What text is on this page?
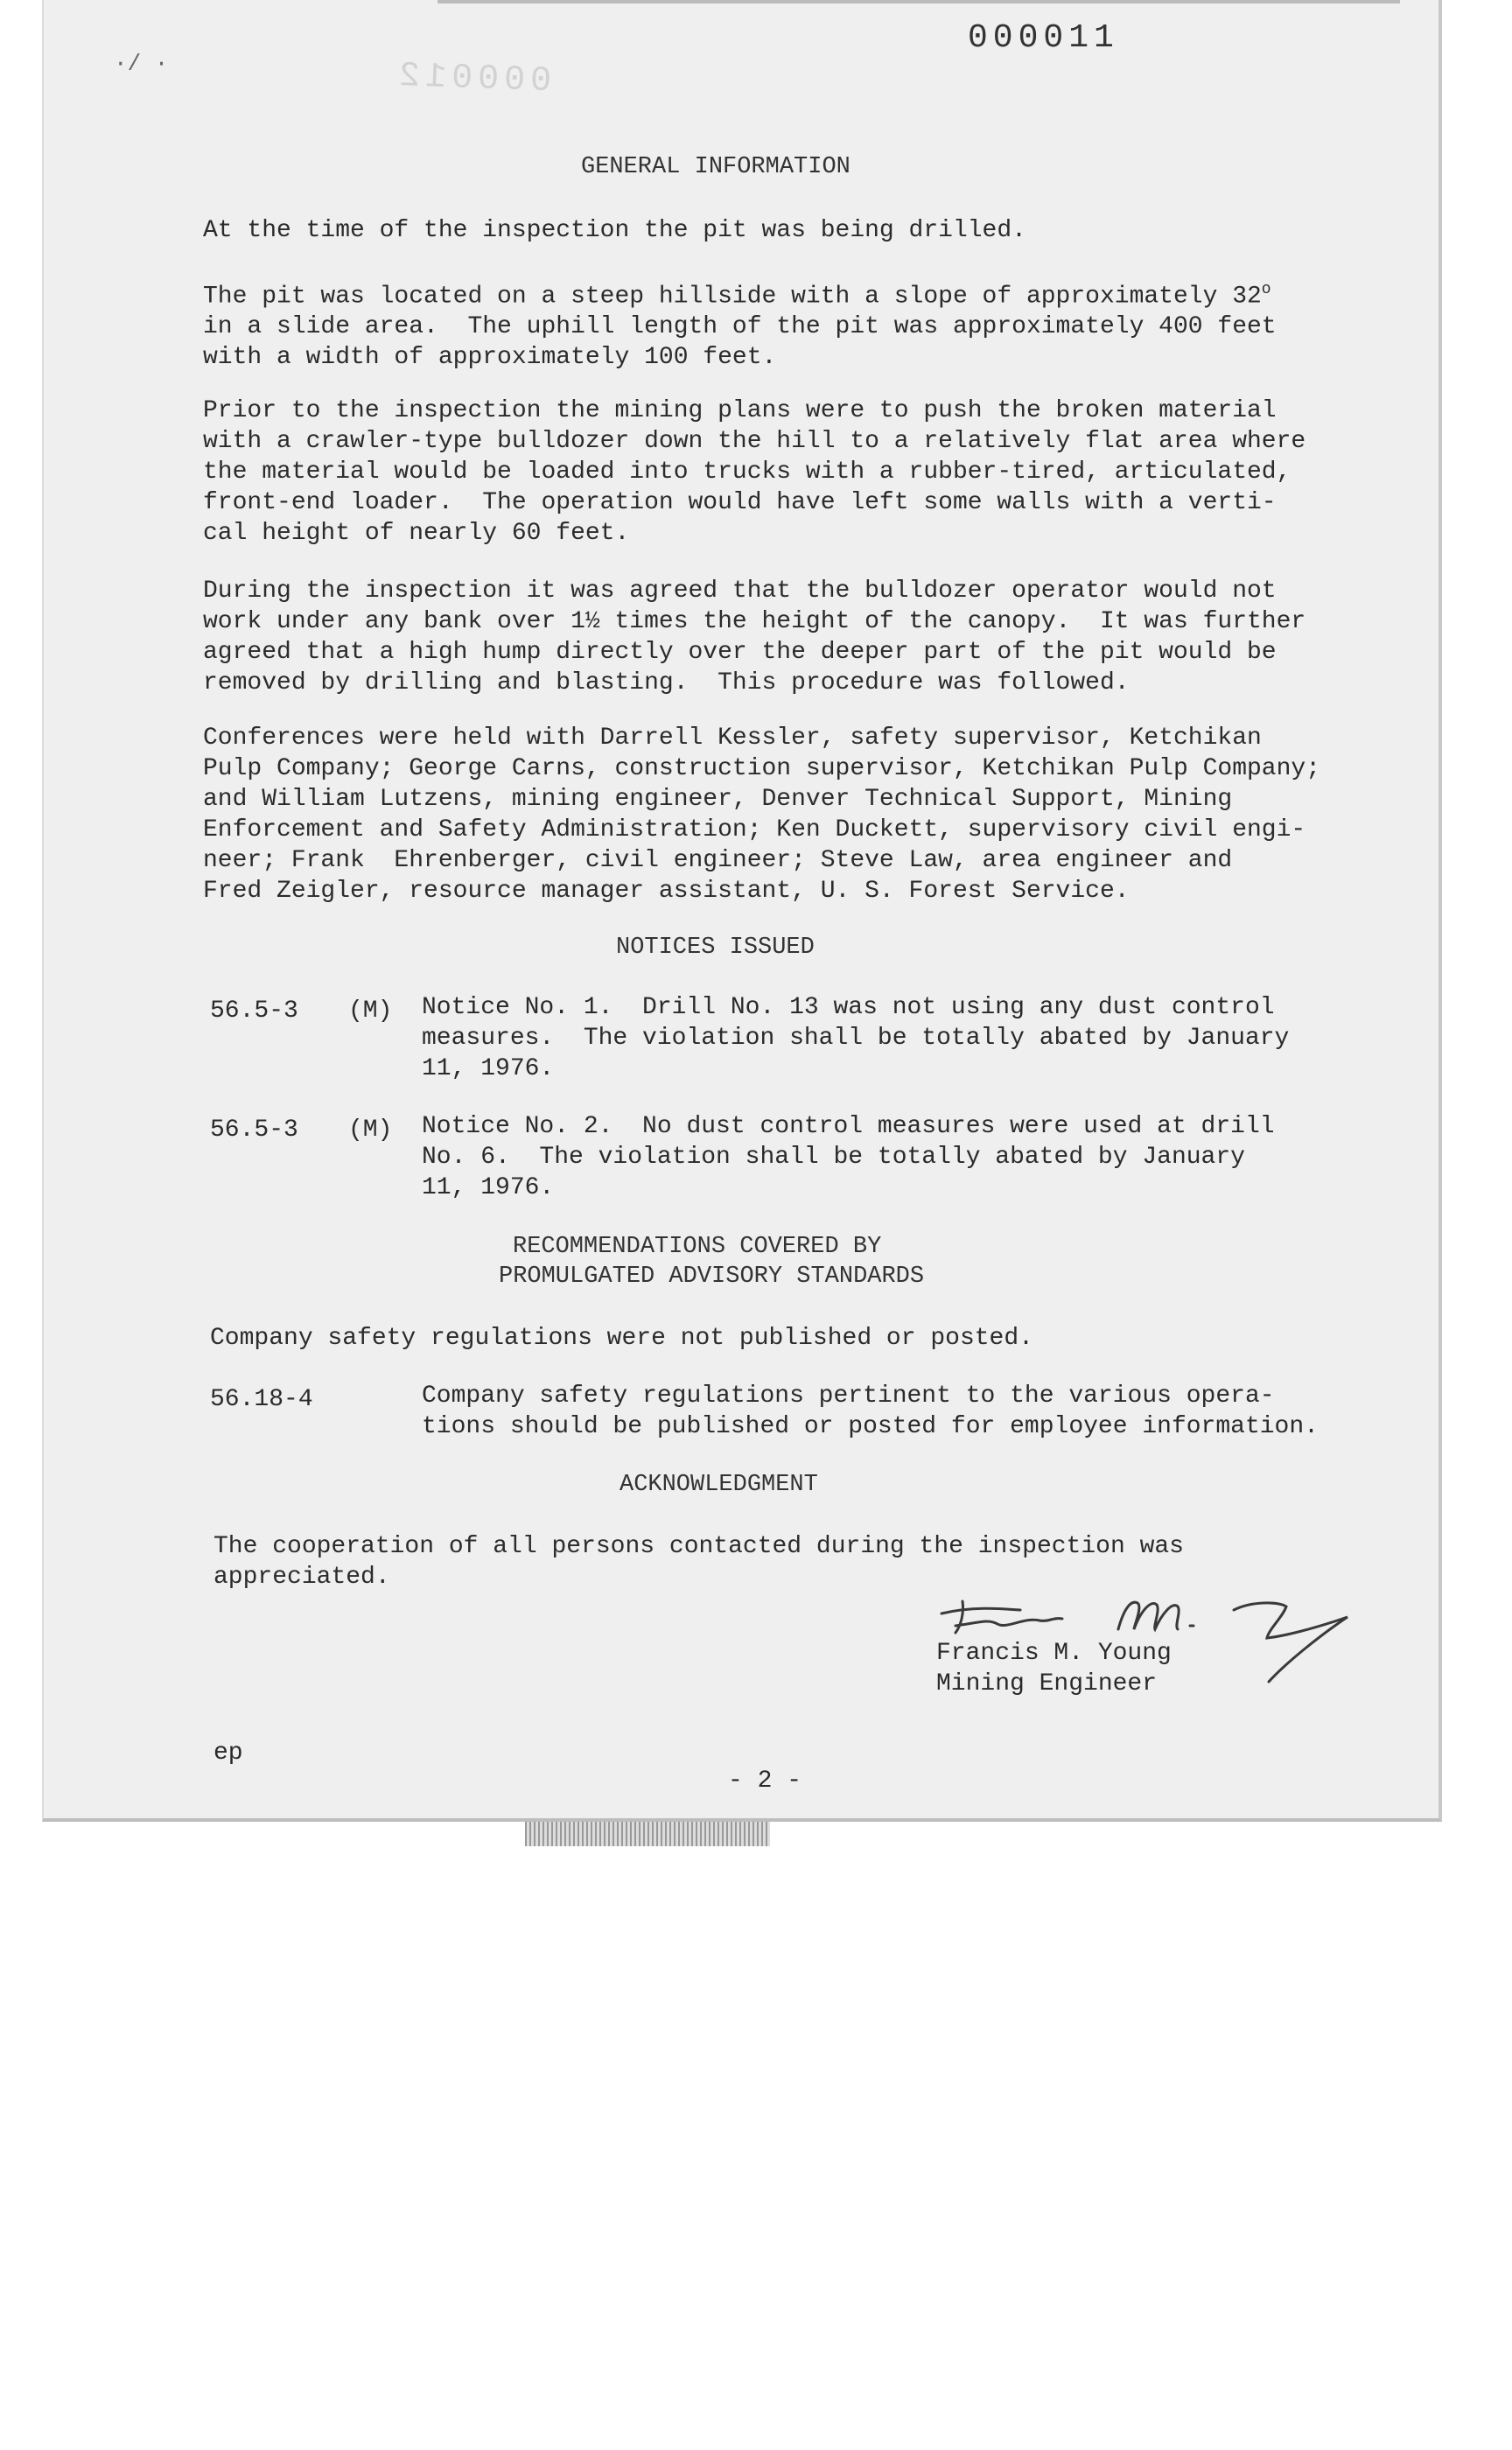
000012
·/ ·
000011
GENERAL INFORMATION
At the time of the inspection the pit was being drilled.
The pit was located on a steep hillside with a slope of approximately 32$^o$
in a slide area.  The uphill length of the pit was approximately 400 feet
with a width of approximately 100 feet.
Prior to the inspection the mining plans were to push the broken material
with a crawler-type bulldozer down the hill to a relatively flat area where
the material would be loaded into trucks with a rubber-tired, articulated,
front-end loader.  The operation would have left some walls with a verti-
cal height of nearly 60 feet.
During the inspection it was agreed that the bulldozer operator would not
work under any bank over 1½ times the height of the canopy.  It was further
agreed that a high hump directly over the deeper part of the pit would be
removed by drilling and blasting.  This procedure was followed.
Conferences were held with Darrell Kessler, safety supervisor, Ketchikan
Pulp Company; George Carns, construction supervisor, Ketchikan Pulp Company;
and William Lutzens, mining engineer, Denver Technical Support, Mining
Enforcement and Safety Administration; Ken Duckett, supervisory civil engi-
neer; Frank  Ehrenberger, civil engineer; Steve Law, area engineer and
Fred Zeigler, resource manager assistant, U. S. Forest Service.
NOTICES ISSUED
56.5-3 (M) Notice No. 1.  Drill No. 13 was not using any dust control
measures.  The violation shall be totally abated by January
11, 1976.
56.5-3 (M) Notice No. 2.  No dust control measures were used at drill
No. 6.  The violation shall be totally abated by January
11, 1976.
RECOMMENDATIONS COVERED BY
PROMULGATED ADVISORY STANDARDS
Company safety regulations were not published or posted.
56.18-4	Company safety regulations pertinent to the various opera-
tions should be published or posted for employee information.
ACKNOWLEDGMENT
The cooperation of all persons contacted during the inspection was
appreciated.
Francis M. Young
Mining Engineer
ep
- 2 -
